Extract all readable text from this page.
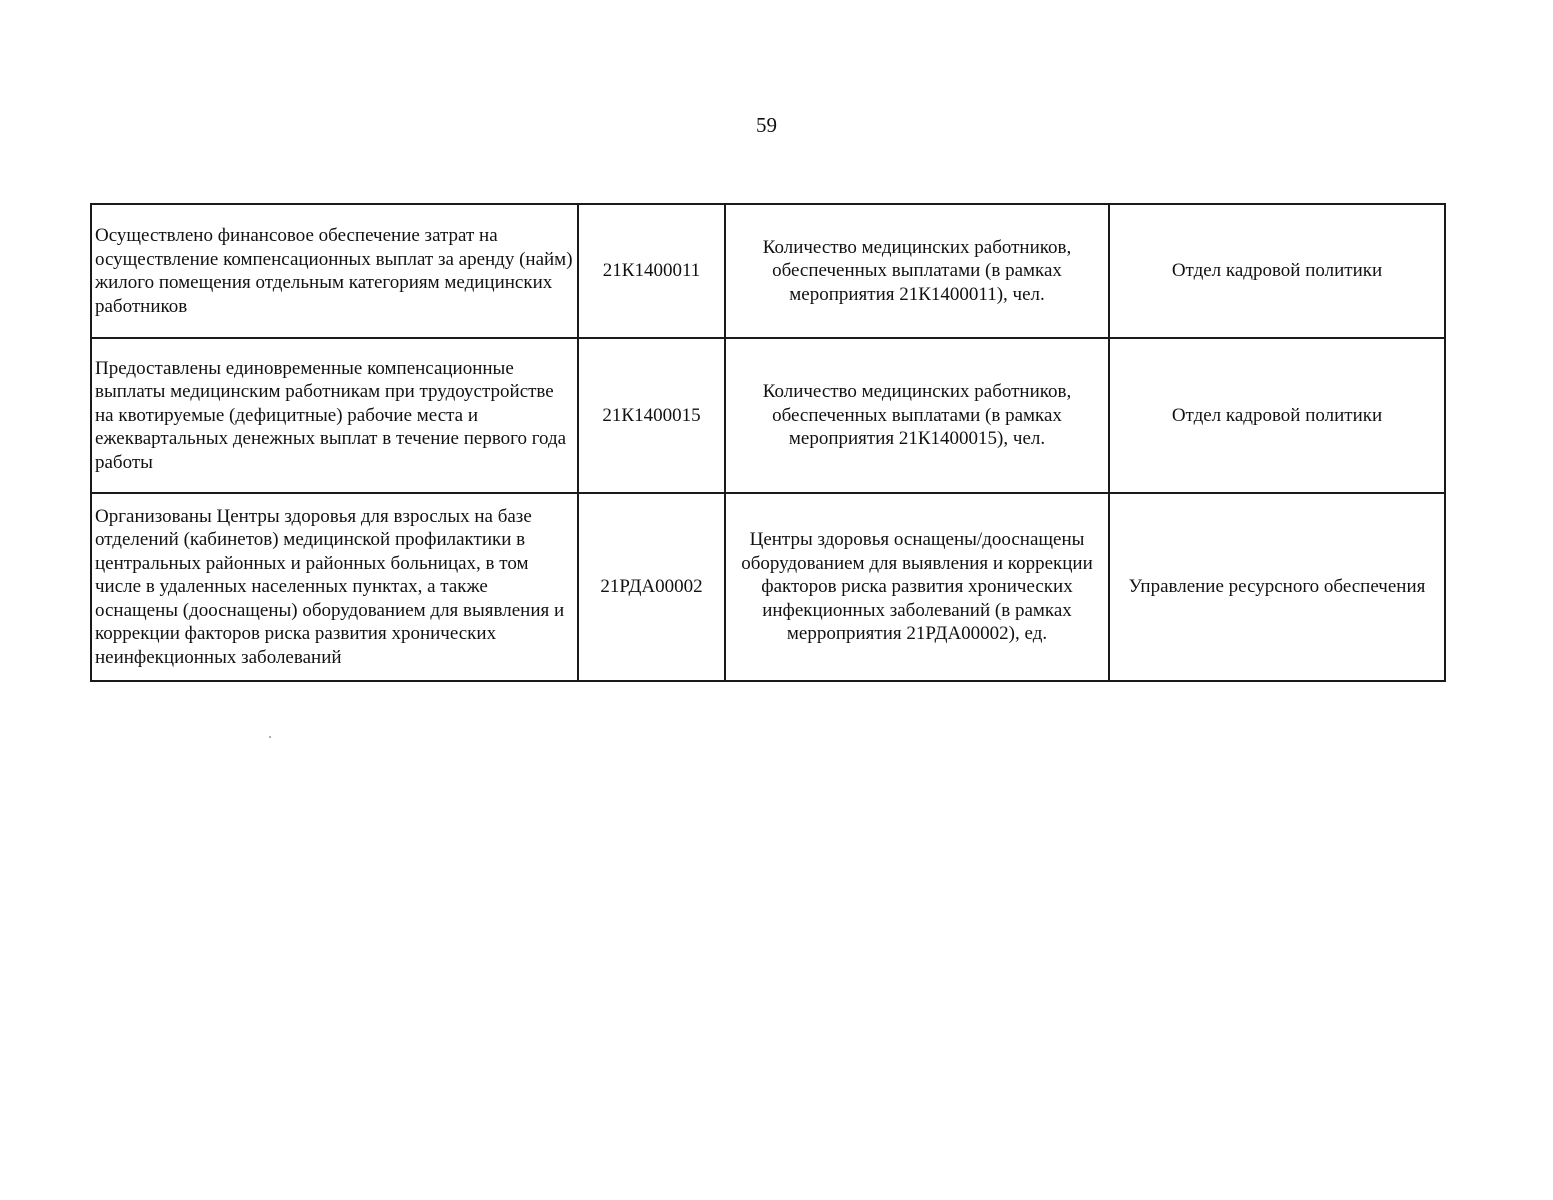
59
Осуществлено финансовое обеспечение затрат на осуществление компенсационных выплат за аренду (найм) жилого помещения отдельным категориям медицинских работников	21К1400011	Количество медицинских работников, обеспеченных выплатами (в рамках мероприятия 21К1400011), чел.	Отдел кадровой политики
Предоставлены единовременные компенсационные выплаты медицинским работникам при трудоустройстве на квотируемые (дефицитные) рабочие места и ежеквартальных денежных выплат в течение первого года работы	21К1400015	Количество медицинских работников, обеспеченных выплатами (в рамках мероприятия 21К1400015), чел.	Отдел кадровой политики
Организованы Центры здоровья для взрослых на базе отделений (кабинетов) медицинской профилактики в центральных районных и районных больницах, в том числе в удаленных населенных пунктах, а также оснащены (дооснащены) оборудованием для выявления и коррекции факторов риска развития хронических неинфекционных заболеваний	21РДА00002	Центры здоровья оснащены/дооснащены оборудованием для выявления и коррекции факторов риска развития хронических инфекционных заболеваний (в рамках мерроприятия 21РДА00002), ед.	Управление ресурсного обеспечения
